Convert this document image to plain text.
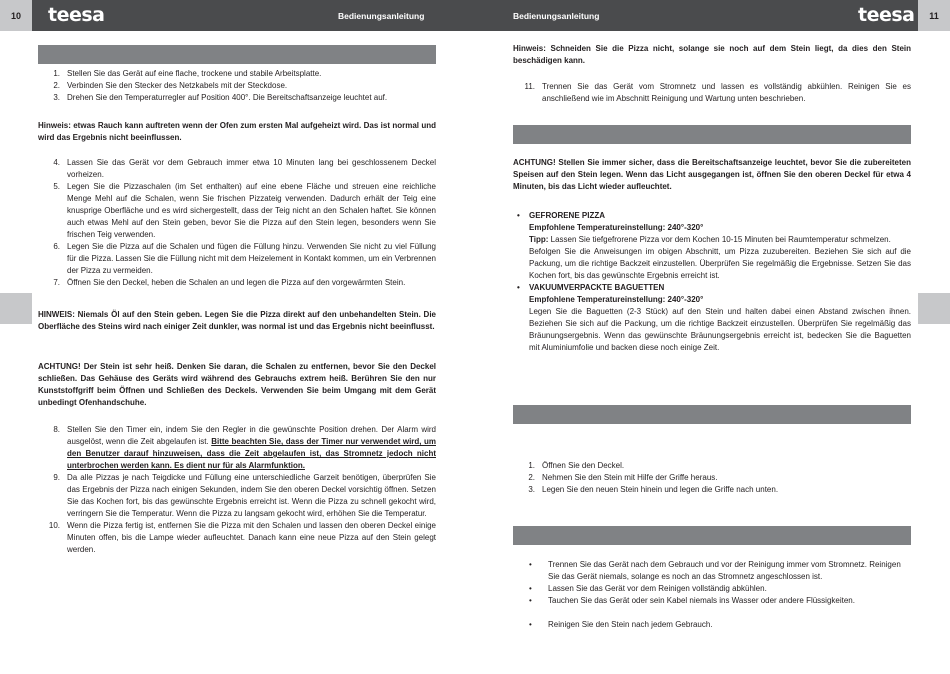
10	teesa	Bedienungsanleitung	Bedienungsanleitung	teesa	11
1. Stellen Sie das Gerät auf eine flache, trockene und stabile Arbeitsplatte.
2. Verbinden Sie den Stecker des Netzkabels mit der Steckdose.
3. Drehen Sie den Temperaturregler auf Position 400°. Die Bereitschaftsanzeige leuchtet auf.

Hinweis: etwas Rauch kann auftreten wenn der Ofen zum ersten Mal aufgeheizt wird. Das ist normal und wird das Ergebnis nicht beeinflussen.

4. Lassen Sie das Gerät vor dem Gebrauch immer etwa 10 Minuten lang bei geschlossenem Deckel vorheizen.
5. Legen Sie die Pizzaschalen (im Set enthalten) auf eine ebene Fläche und streuen eine reichliche Menge Mehl auf die Schalen, wenn Sie frischen Pizzateig verwenden. Dadurch erhält der Teig eine knusprige Oberfläche und es wird sichergestellt, dass der Teig nicht an den Schalen haftet. Sie können auch etwas Mehl auf den Stein geben, bevor Sie die Pizza auf den Stein legen, besonders wenn Sie frischen Teig verwenden.
6. Legen Sie die Pizza auf die Schalen und fügen die Füllung hinzu. Verwenden Sie nicht zu viel Füllung für die Pizza. Lassen Sie die Füllung nicht mit dem Heizelement in Kontakt kommen, um ein Verbrennen der Pizza zu vermeiden.
7. Öffnen Sie den Deckel, heben die Schalen an und legen die Pizza auf den vorgewärmten Stein.

HINWEIS: Niemals Öl auf den Stein geben. Legen Sie die Pizza direkt auf den unbehandelten Stein. Die Oberfläche des Steins wird nach einiger Zeit dunkler, was normal ist und das Ergebnis nicht beeinflusst.

ACHTUNG! Der Stein ist sehr heiß. Denken Sie daran, die Schalen zu entfernen, bevor Sie den Deckel schließen. Das Gehäuse des Geräts wird während des Gebrauchs extrem heiß. Berühren Sie den nur Kunststoffgriff beim Öffnen und Schließen des Deckels. Verwenden Sie beim Umgang mit dem Gerät unbedingt Ofenhandschuhe.

8. Stellen Sie den Timer ein, indem Sie den Regler in die gewünschte Position drehen. Der Alarm wird ausgelöst, wenn die Zeit abgelaufen ist. Bitte beachten Sie, dass der Timer nur verwendet wird, um den Benutzer darauf hinzuweisen, dass die Zeit abgelaufen ist, das Stromnetz jedoch nicht unterbrochen werden kann. Es dient nur für als Alarmfunktion.
9. Da alle Pizzas je nach Teigdicke und Füllung eine unterschiedliche Garzeit benötigen, überprüfen Sie das Ergebnis der Pizza nach einigen Sekunden, indem Sie den oberen Deckel vorsichtig öffnen. Setzen Sie das Kochen fort, bis das gewünschte Ergebnis erreicht ist. Wenn die Pizza zu schnell gekocht wird, verringern Sie die Temperatur. Wenn die Pizza zu langsam gekocht wird, erhöhen Sie die Temperatur.
10. Wenn die Pizza fertig ist, entfernen Sie die Pizza mit den Schalen und lassen den oberen Deckel einige Minuten offen, bis die Lampe wieder aufleuchtet. Danach kann eine neue Pizza auf den Stein gelegt werden.

Hinweis: Schneiden Sie die Pizza nicht, solange sie noch auf dem Stein liegt, da dies den Stein beschädigen kann.

11. Trennen Sie das Gerät vom Stromnetz und lassen es vollständig abkühlen. Reinigen Sie es anschließend wie im Abschnitt Reinigung und Wartung unten beschrieben.

ACHTUNG! Stellen Sie immer sicher, dass die Bereitschaftsanzeige leuchtet, bevor Sie die zubereiteten Speisen auf den Stein legen. Wenn das Licht ausgegangen ist, öffnen Sie den oberen Deckel für etwa 4 Minuten, bis das Licht wieder aufleuchtet.

• GEFRORENE PIZZA
Empfohlene Temperatureinstellung: 240°-320°
Tipp: Lassen Sie tiefgefrorene Pizza vor dem Kochen 10-15 Minuten bei Raumtemperatur schmelzen.
Befolgen Sie die Anweisungen im obigen Abschnitt, um Pizza zuzubereiten. Beziehen Sie sich auf die Packung, um die richtige Backzeit einzustellen. Überprüfen Sie regelmäßig die Ergebnisse. Setzen Sie das Kochen fort, bis das gewünschte Ergebnis erreicht ist.
• VAKUUMVERPACKTE BAGUETTEN
Empfohlene Temperatureinstellung: 240°-320°
Legen Sie die Baguetten (2-3 Stück) auf den Stein und halten dabei einen Abstand zwischen ihnen. Beziehen Sie sich auf die Packung, um die richtige Backzeit einzustellen. Überprüfen Sie regelmäßig das Bräunungsergebnis. Wenn das gewünschte Bräunungsergebnis erreicht ist, bedecken Sie die Baguetten mit Aluminiumfolie und backen diese noch einige Zeit.
1. Öffnen Sie den Deckel.
2. Nehmen Sie den Stein mit Hilfe der Griffe heraus.
3. Legen Sie den neuen Stein hinein und legen die Griffe nach unten.
• Trennen Sie das Gerät nach dem Gebrauch und vor der Reinigung immer vom Stromnetz. Reinigen Sie das Gerät niemals, solange es noch an das Stromnetz angeschlossen ist.
• Lassen Sie das Gerät vor dem Reinigen vollständig abkühlen.
• Tauchen Sie das Gerät oder sein Kabel niemals ins Wasser oder andere Flüssigkeiten.
• Reinigen Sie den Stein nach jedem Gebrauch.
